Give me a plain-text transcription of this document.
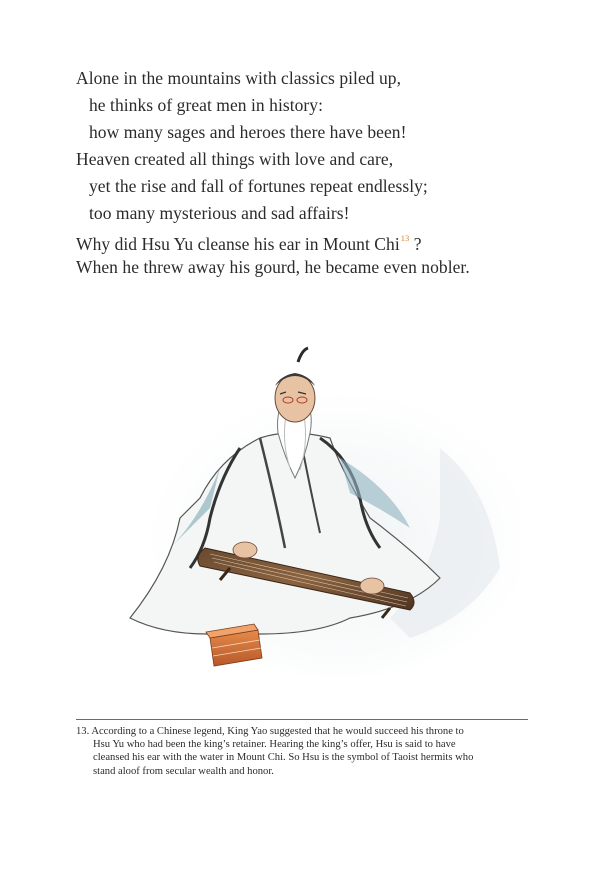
Alone in the mountains with classics piled up,
he thinks of great men in history:
how many sages and heroes there have been!
Heaven created all things with love and care,
yet the rise and fall of fortunes repeat endlessly;
too many mysterious and sad affairs!
Why did Hsu Yu cleanse his ear in Mount Chi$^{13}$ ?
When he threw away his gourd, he became even nobler.
13. According to a Chinese legend, King Yao suggested that he would succeed his throne to
Hsu Yu who had been the king’s retainer. Hearing the king’s offer, Hsu is said to have
cleansed his ear with the water in Mount Chi. So Hsu is the symbol of Taoist hermits who
stand aloof from secular wealth and honor.
